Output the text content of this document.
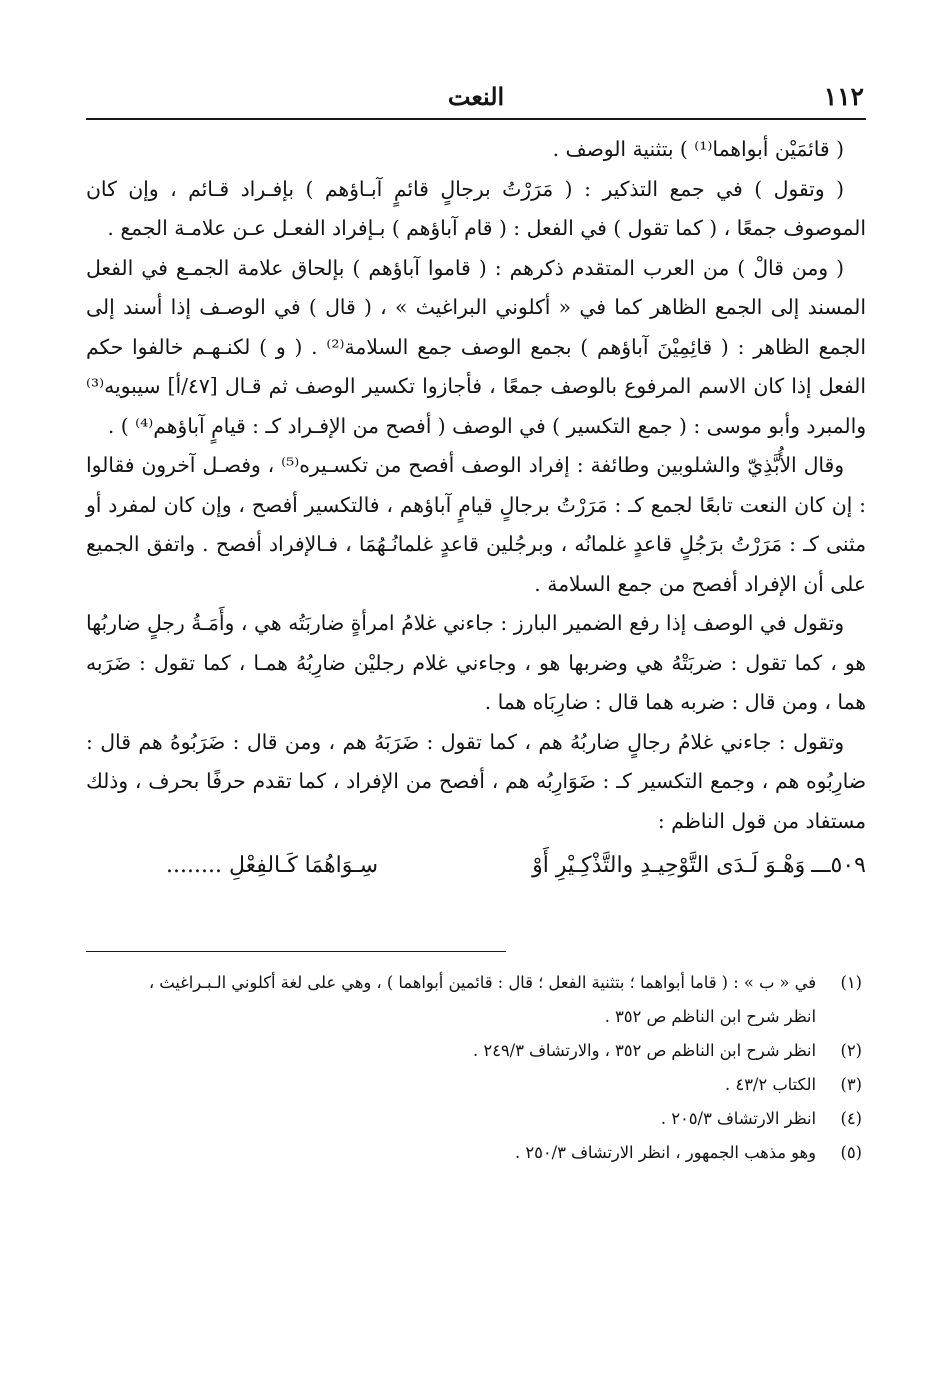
١١٢
النعت

( قائمَيْن أبواهما⁽¹⁾ ) بتثنية الوصف .

( وتقول ) في جمع التذكير : ( مَرَرْتُ برجالٍ قائمٍ آبـاؤهم ) بإفـراد قـائم ، وإن كان الموصوف جمعًا ، ( كما تقول ) في الفعل : ( قام آباؤهم ) بـإفراد الفعـل عـن علامـة الجمع .

( ومن قالْ ) من العرب المتقدم ذكرهم : ( قاموا آباؤهم ) بإلحاق علامة الجمـع في الفعل المسند إلى الجمع الظاهر كما في « أكلوني البراغيث » ، ( قال ) في الوصـف إذا أسند إلى الجمع الظاهر : ( قائِمِيْنَ آباؤهم ) بجمع الوصف جمع السلامة⁽²⁾ . ( و ) لكنـهـم خالفوا حكم الفعل إذا كان الاسم المرفوع بالوصف جمعًا ، فأجازوا تكسير الوصف ثم قـال [٤٧/أ] سيبويه⁽³⁾ والمبرد وأبو موسى : ( جمع التكسير ) في الوصف ( أفصح من الإفـراد كـ : قيامٍ آباؤهم⁽⁴⁾ ) .

وقال الأُبَّذِيّ والشلوبين وطائفة : إفراد الوصف أفصح من تكسـيره⁽⁵⁾ ، وفصـل آخرون فقالوا : إن كان النعت تابعًا لجمع كـ : مَرَرْتُ برجالٍ قيامٍ آباؤهم ، فالتكسير أفصح ، وإن كان لمفرد أو مثنى كـ : مَرَرْتُ برَجُلٍ قاعدٍ غلمانُه ، وبرجُلين قاعدٍ غلمانُـهُمَا ، فـالإفراد أفصح . واتفق الجميع على أن الإفراد أفصح من جمع السلامة .

وتقول في الوصف إذا رفع الضمير البارز : جاءني غلامُ امرأةٍ ضاربَتُه هي ، وأَمَـةُ رجلٍ ضاربُها هو ، كما تقول : ضربَتْهُ هي وضربها هو ، وجاءني غلام رجليْن ضارِبُهُ همـا ، كما تقول : ضَرَبه هما ، ومن قال : ضربه هما قال : ضارِبَاه هما .

وتقول : جاءني غلامُ رجالٍ ضاربُهُ هم ، كما تقول : ضَرَبَهُ هم ، ومن قال : ضَرَبُوهُ هم قال : ضارِبُوه هم ، وجمع التكسير كـ : ضَوَارِبُه هم ، أفصح من الإفراد ، كما تقدم حرفًا بحرف ، وذلك مستفاد من قول الناظم :

٥٠٩ـــ
وَهْـوَ لَـدَى التَّوْحِيـدِ والتَّذْكِـيْرِ أَوْ
سِـوَاهُمَا كَـالفِعْلِ ........
(١)
في « ب » : ( قاما أبواهما ؛ بتثنية الفعل ؛ قال : قائمين أبواهما ) ، وهي على لغة أكلوني الـبـراغيث ، انظر شرح ابن الناظم ص ٣٥٢ .
(٢)
انظر شرح ابن الناظم ص ٣٥٢ ، والارتشاف ٢٤٩/٣ .
(٣)
الكتاب ٤٣/٢ .
(٤)
انظر الارتشاف ٢٠٥/٣ .
(٥)
وهو مذهب الجمهور ، انظر الارتشاف ٢٥٠/٣ .
